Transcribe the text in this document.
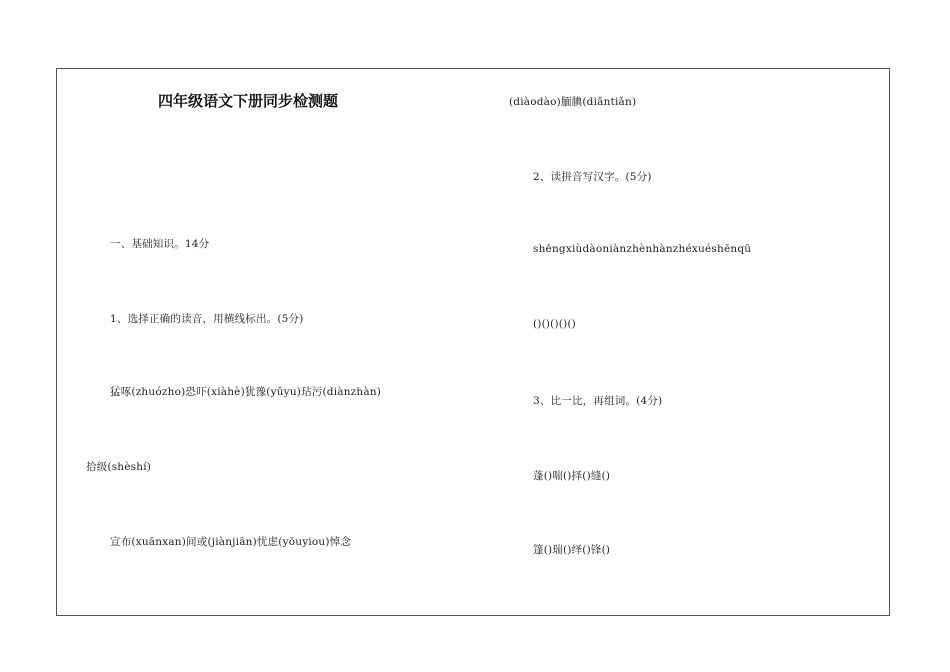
四年级语文下册同步检测题
一、基础知识。14分
1、选择正确的读音，用横线标出。(5分)
猛啄(zhuózho)恐吓(xiàhè)犹豫(yǔyu)玷污(diànzhàn)
拾级(shèshí)
宣布(xuānxan)间或(jiànjiān)忧虑(yōuyiou)悼念
(diàodào)腼腆(diǎntiǎn)
2、读拼音写汉字。(5分)
shēngxiùdàoniànzhènhànzhéxuéshēnqū
()()()()()
3、比一比，再组词。(4分)
蓬()喘()择()缝()
篷()瑞()绎()锋()
